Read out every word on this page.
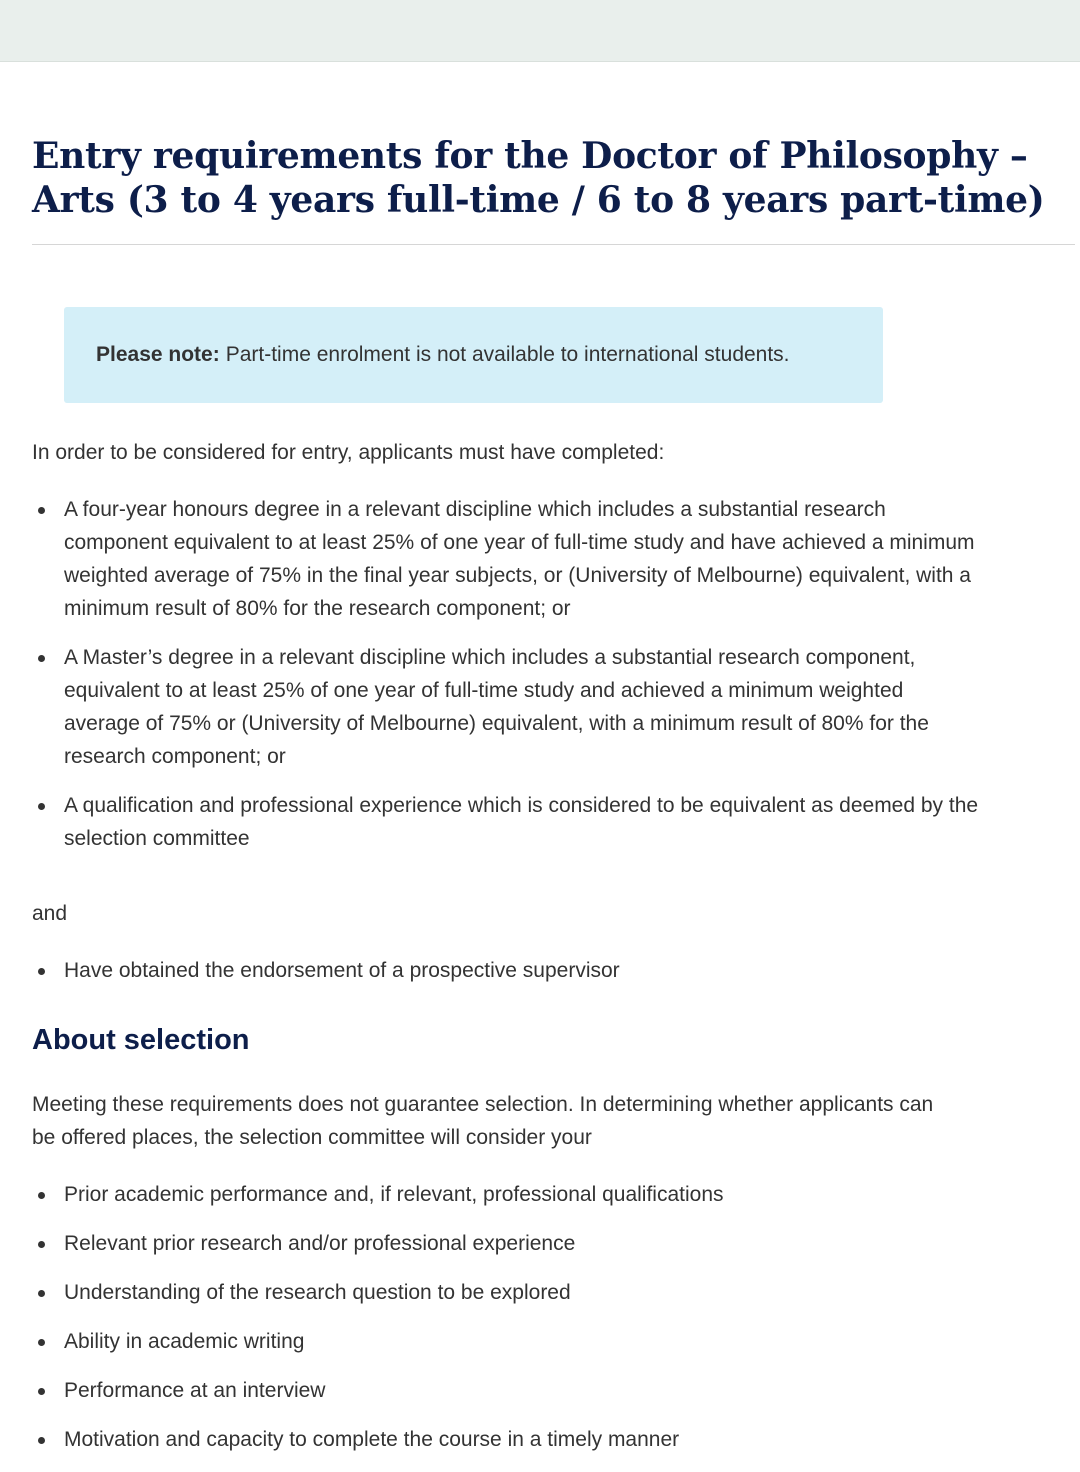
Entry requirements for the Doctor of Philosophy – Arts (3 to 4 years full-time / 6 to 8 years part-time)
Please note: Part-time enrolment is not available to international students.

In order to be considered for entry, applicants must have completed:

A four-year honours degree in a relevant discipline which includes a substantial research component equivalent to at least 25% of one year of full-time study and have achieved a minimum weighted average of 75% in the final year subjects, or (University of Melbourne) equivalent, with a minimum result of 80% for the research component; or
A Master’s degree in a relevant discipline which includes a substantial research component, equivalent to at least 25% of one year of full-time study and achieved a minimum weighted average of 75% or (University of Melbourne) equivalent, with a minimum result of 80% for the research component; or
A qualification and professional experience which is considered to be equivalent as deemed by the selection committee

and

Have obtained the endorsement of a prospective supervisor
About selection

Meeting these requirements does not guarantee selection. In determining whether applicants can be offered places, the selection committee will consider your

Prior academic performance and, if relevant, professional qualifications
Relevant prior research and/or professional experience
Understanding of the research question to be explored
Ability in academic writing
Performance at an interview
Motivation and capacity to complete the course in a timely manner
